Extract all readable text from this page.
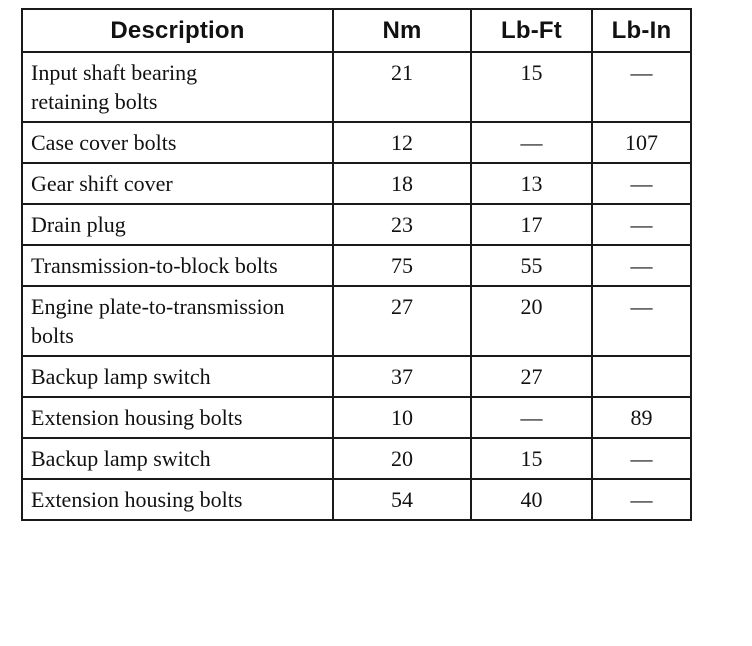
Description	Nm	Lb-Ft	Lb-In
Input shaft bearing retaining bolts	21	15	—
Case cover bolts	12	—	107
Gear shift cover	18	13	—
Drain plug	23	17	—
Transmission-to-block bolts	75	55	—
Engine plate-to-transmission bolts	27	20	—
Backup lamp switch	37	27	
Extension housing bolts	10	—	89
Backup lamp switch	20	15	—
Extension housing bolts	54	40	—
